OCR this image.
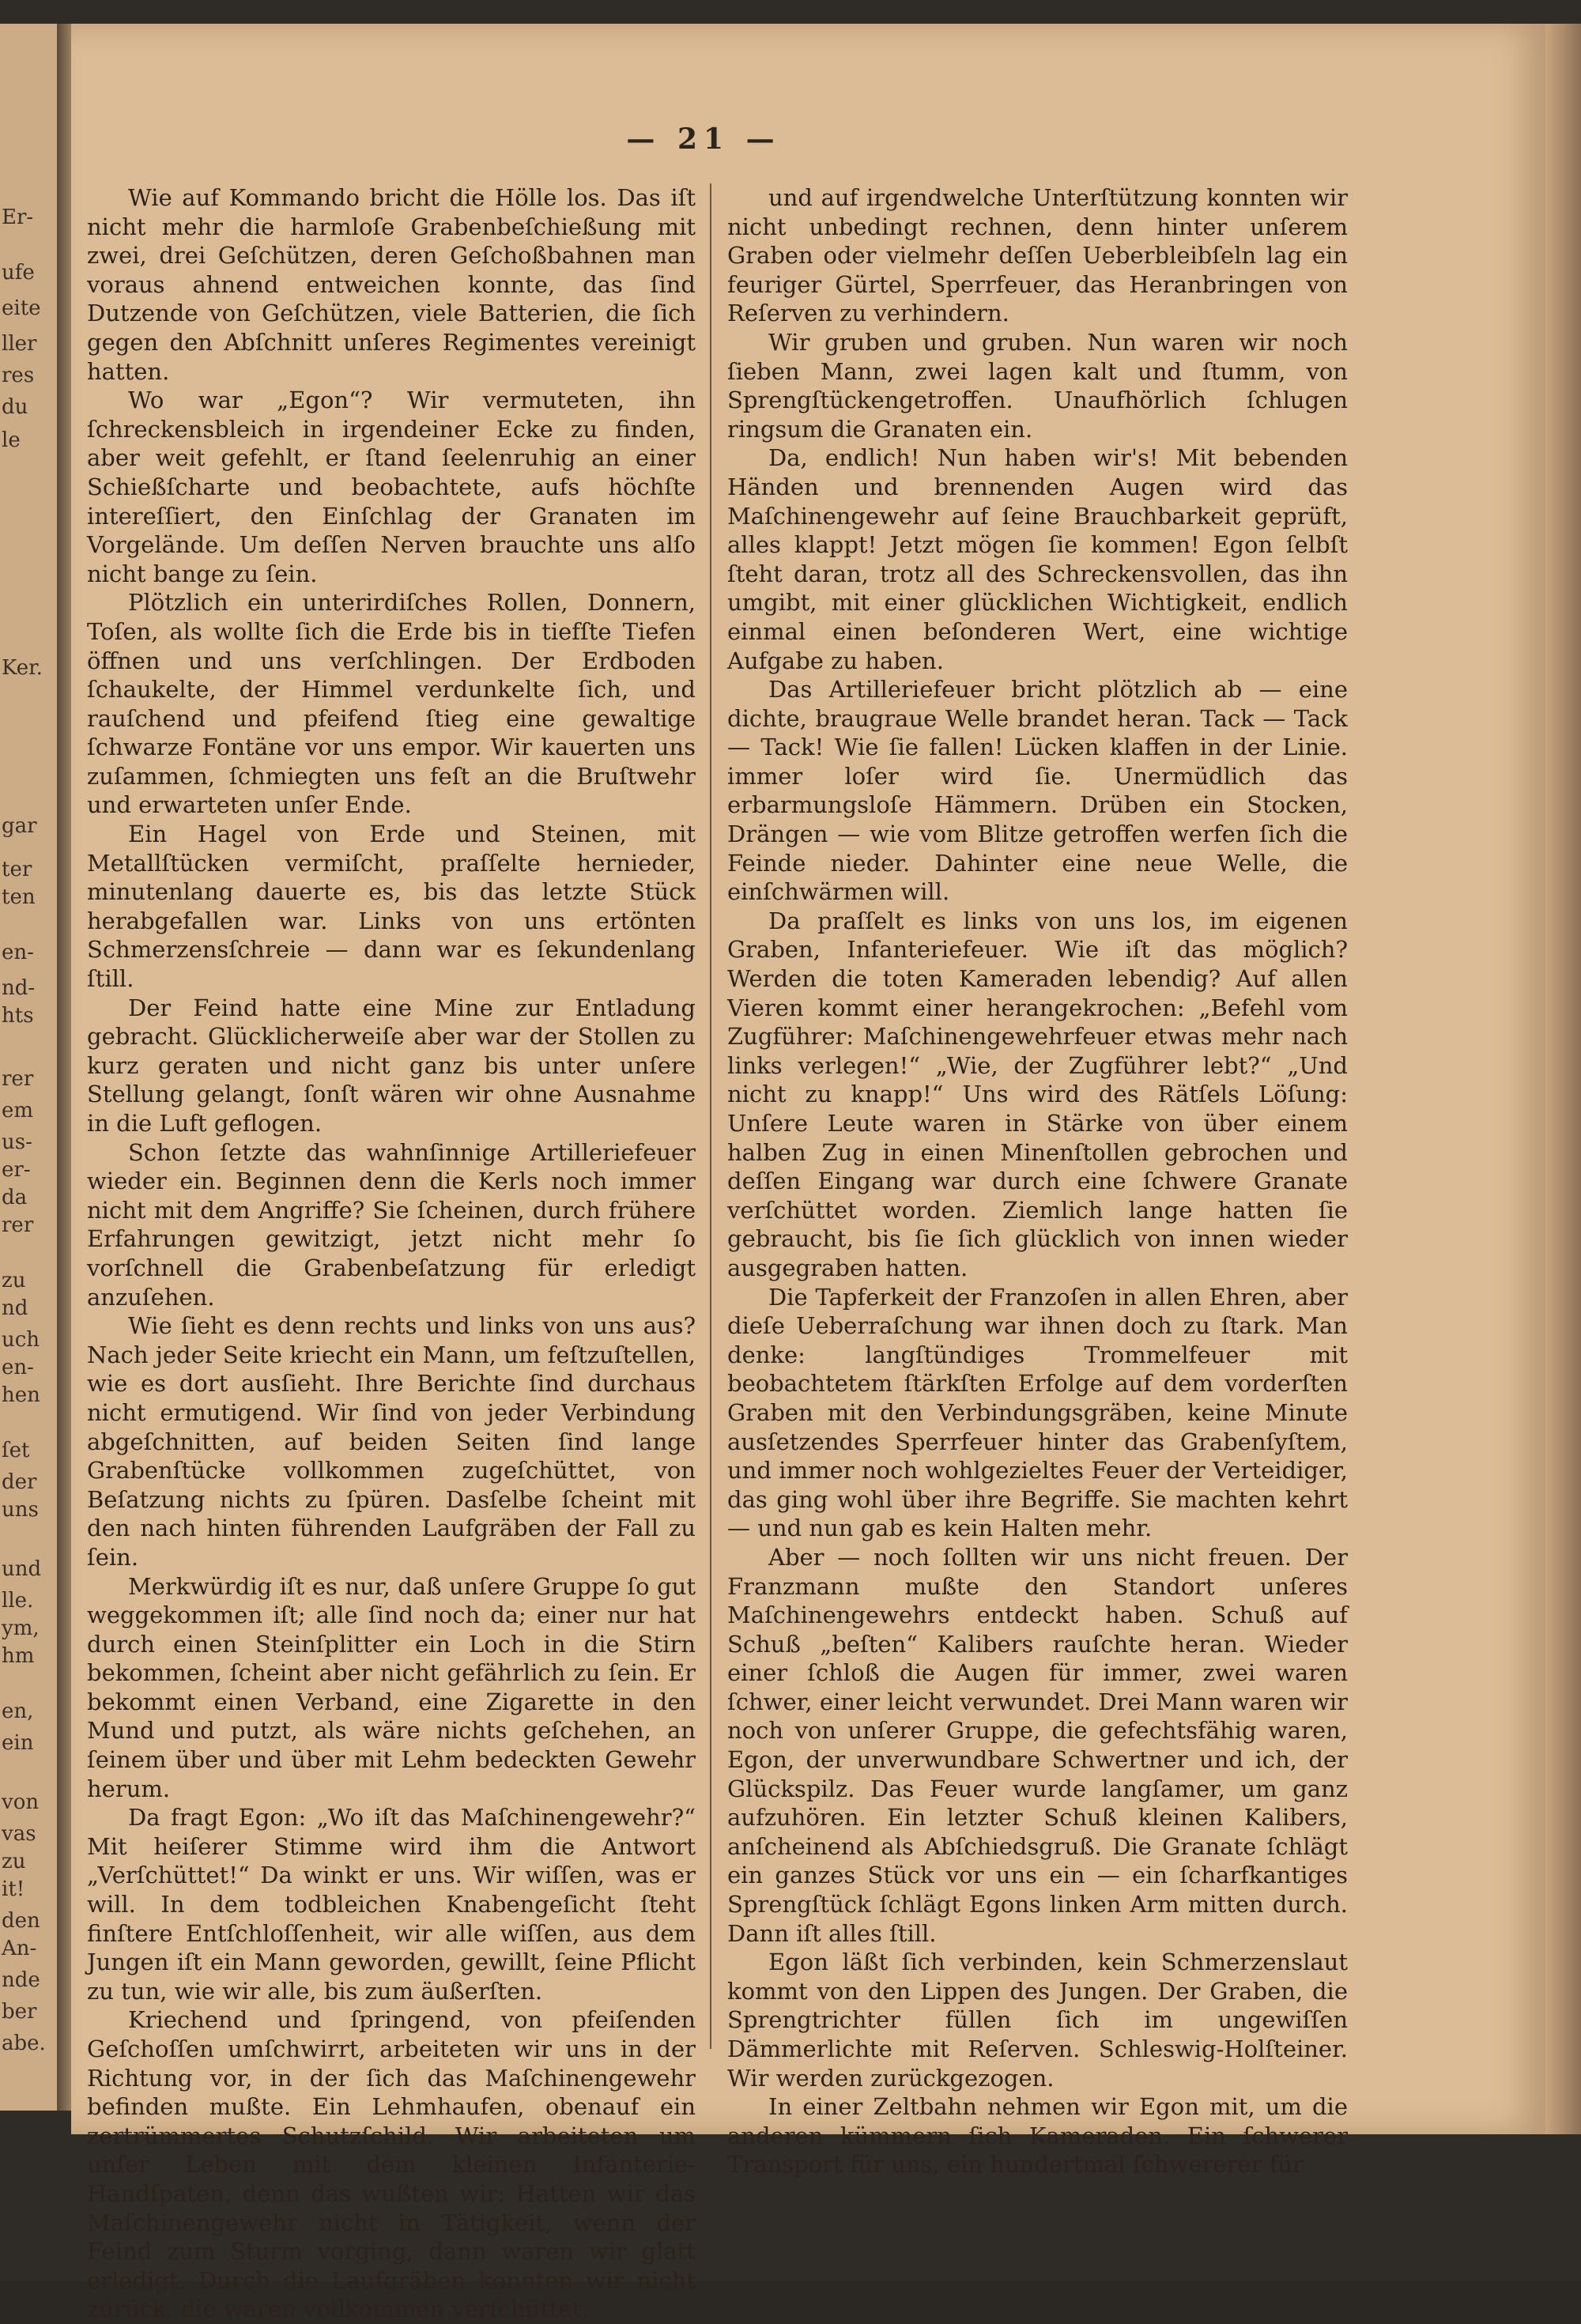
Er-
ufe
eite
ller
res
du
le
Ker.
gar
ter
ten
en-
nd-
hts
rer
em
us-
er-
da
rer
zu
nd
uch
en-
hen
ſet
der
uns
und
lle.
ym,
hm
en,
ein
von
vas
zu
it!
den
An-
nde
ber
abe.
— 21 —

Wie auf Kommando bricht die Hölle los. Das iſt nicht mehr die harmloſe Grabenbeſchießung mit zwei, drei Geſchützen, deren Geſchoßbahnen man voraus ahnend entweichen konnte, das ſind Dutzende von Geſchützen, viele Batterien, die ſich gegen den Abſchnitt unſeres Regimentes vereinigt hatten.

Wo war „Egon“? Wir vermuteten, ihn ſchreckensbleich in irgendeiner Ecke zu finden, aber weit gefehlt, er ſtand ſeelenruhig an einer Schießſcharte und beobachtete, aufs höchſte intereſſiert, den Einſchlag der Granaten im Vorgelände. Um deſſen Nerven brauchte uns alſo nicht bange zu ſein.

Plötzlich ein unterirdiſches Rollen, Donnern, Toſen, als wollte ſich die Erde bis in tiefſte Tiefen öffnen und uns verſchlingen. Der Erdboden ſchaukelte, der Himmel verdunkelte ſich, und rauſchend und pfeifend ſtieg eine gewaltige ſchwarze Fontäne vor uns empor. Wir kauerten uns zuſammen, ſchmiegten uns feſt an die Bruſtwehr und erwarteten unſer Ende.

Ein Hagel von Erde und Steinen, mit Metallſtücken vermiſcht, praſſelte hernieder, minutenlang dauerte es, bis das letzte Stück herabgefallen war. Links von uns ertönten Schmerzensſchreie — dann war es ſekundenlang ſtill.

Der Feind hatte eine Mine zur Entladung gebracht. Glücklicherweiſe aber war der Stollen zu kurz geraten und nicht ganz bis unter unſere Stellung gelangt, ſonſt wären wir ohne Ausnahme in die Luft geflogen.

Schon ſetzte das wahnſinnige Artilleriefeuer wieder ein. Beginnen denn die Kerls noch immer nicht mit dem Angriffe? Sie ſcheinen, durch frühere Erfahrungen gewitzigt, jetzt nicht mehr ſo vorſchnell die Grabenbeſatzung für erledigt anzuſehen.

Wie ſieht es denn rechts und links von uns aus? Nach jeder Seite kriecht ein Mann, um feſtzuſtellen, wie es dort ausſieht. Ihre Berichte ſind durchaus nicht ermutigend. Wir ſind von jeder Verbindung abgeſchnitten, auf beiden Seiten ſind lange Grabenſtücke vollkommen zugeſchüttet, von Beſatzung nichts zu ſpüren. Dasſelbe ſcheint mit den nach hinten führenden Laufgräben der Fall zu ſein.

Merkwürdig iſt es nur, daß unſere Gruppe ſo gut weggekommen iſt; alle ſind noch da; einer nur hat durch einen Steinſplitter ein Loch in die Stirn bekommen, ſcheint aber nicht gefährlich zu ſein. Er bekommt einen Verband, eine Zigarette in den Mund und putzt, als wäre nichts geſchehen, an ſeinem über und über mit Lehm bedeckten Gewehr herum.

Da fragt Egon: „Wo iſt das Maſchinengewehr?“ Mit heiſerer Stimme wird ihm die Antwort „Verſchüttet!“ Da winkt er uns. Wir wiſſen, was er will. In dem todbleichen Knabengeſicht ſteht finſtere Entſchloſſenheit, wir alle wiſſen, aus dem Jungen iſt ein Mann geworden, gewillt, ſeine Pflicht zu tun, wie wir alle, bis zum äußerſten.

Kriechend und ſpringend, von pfeiſenden Geſchoſſen umſchwirrt, arbeiteten wir uns in der Richtung vor, in der ſich das Maſchinengewehr befinden mußte. Ein Lehmhaufen, obenauf ein zertrümmertes Schutzſchild. Wir arbeiteten um unſer Leben mit dem kleinen Infanterie-Handſpaten, denn das wußten wir: Hatten wir das Maſchinengewehr nicht in Tätigkeit, wenn der Feind zum Sturm vorging, dann waren wir glatt erledigt. Durch die Laufgräben konnten wir nicht zurück, die waren vollkommen verſchüttet,

und auf irgendwelche Unterſtützung konnten wir nicht unbedingt rechnen, denn hinter unſerem Graben oder vielmehr deſſen Ueberbleibſeln lag ein feuriger Gürtel, Sperrfeuer, das Heranbringen von Reſerven zu verhindern.

Wir gruben und gruben. Nun waren wir noch ſieben Mann, zwei lagen kalt und ſtumm, von Sprengſtückengetroffen. Unaufhörlich ſchlugen ringsum die Granaten ein.

Da, endlich! Nun haben wir's! Mit bebenden Händen und brennenden Augen wird das Maſchinengewehr auf ſeine Brauchbarkeit geprüft, alles klappt! Jetzt mögen ſie kommen! Egon ſelbſt ſteht daran, trotz all des Schreckensvollen, das ihn umgibt, mit einer glücklichen Wichtigkeit, endlich einmal einen beſonderen Wert, eine wichtige Aufgabe zu haben.

Das Artilleriefeuer bricht plötzlich ab — eine dichte, braugraue Welle brandet heran. Tack — Tack — Tack! Wie ſie fallen! Lücken klaffen in der Linie. immer loſer wird ſie. Unermüdlich das erbarmungsloſe Hämmern. Drüben ein Stocken, Drängen — wie vom Blitze getroffen werfen ſich die Feinde nieder. Dahinter eine neue Welle, die einſchwärmen will.

Da praſſelt es links von uns los, im eigenen Graben, Infanteriefeuer. Wie iſt das möglich? Werden die toten Kameraden lebendig? Auf allen Vieren kommt einer herangekrochen: „Befehl vom Zugführer: Maſchinengewehrfeuer etwas mehr nach links verlegen!“ „Wie, der Zugführer lebt?“ „Und nicht zu knapp!“ Uns wird des Rätſels Löſung: Unſere Leute waren in Stärke von über einem halben Zug in einen Minenſtollen gebrochen und deſſen Eingang war durch eine ſchwere Granate verſchüttet worden. Ziemlich lange hatten ſie gebraucht, bis ſie ſich glücklich von innen wieder ausgegraben hatten.

Die Tapferkeit der Franzoſen in allen Ehren, aber dieſe Ueberraſchung war ihnen doch zu ſtark. Man denke: langſtündiges Trommelfeuer mit beobachtetem ſtärkſten Erfolge auf dem vorderſten Graben mit den Verbindungsgräben, keine Minute ausſetzendes Sperrfeuer hinter das Grabenſyſtem, und immer noch wohlgezieltes Feuer der Verteidiger, das ging wohl über ihre Begriffe. Sie machten kehrt — und nun gab es kein Halten mehr.

Aber — noch ſollten wir uns nicht freuen. Der Franzmann mußte den Standort unſeres Maſchinengewehrs entdeckt haben. Schuß auf Schuß „beſten“ Kalibers rauſchte heran. Wieder einer ſchloß die Augen für immer, zwei waren ſchwer, einer leicht verwundet. Drei Mann waren wir noch von unſerer Gruppe, die gefechtsfähig waren, Egon, der unverwundbare Schwertner und ich, der Glückspilz. Das Feuer wurde langſamer, um ganz aufzuhören. Ein letzter Schuß kleinen Kalibers, anſcheinend als Abſchiedsgruß. Die Granate ſchlägt ein ganzes Stück vor uns ein — ein ſcharfkantiges Sprengſtück ſchlägt Egons linken Arm mitten durch. Dann iſt alles ſtill.

Egon läßt ſich verbinden, kein Schmerzenslaut kommt von den Lippen des Jungen. Der Graben, die Sprengtrichter füllen ſich im ungewiſſen Dämmerlichte mit Reſerven. Schleswig-Holſteiner. Wir werden zurückgezogen.

In einer Zeltbahn nehmen wir Egon mit, um die anderen kümmern ſich Kameraden. Ein ſchwerer Transport für uns, ein hundertmal ſchwererer für
